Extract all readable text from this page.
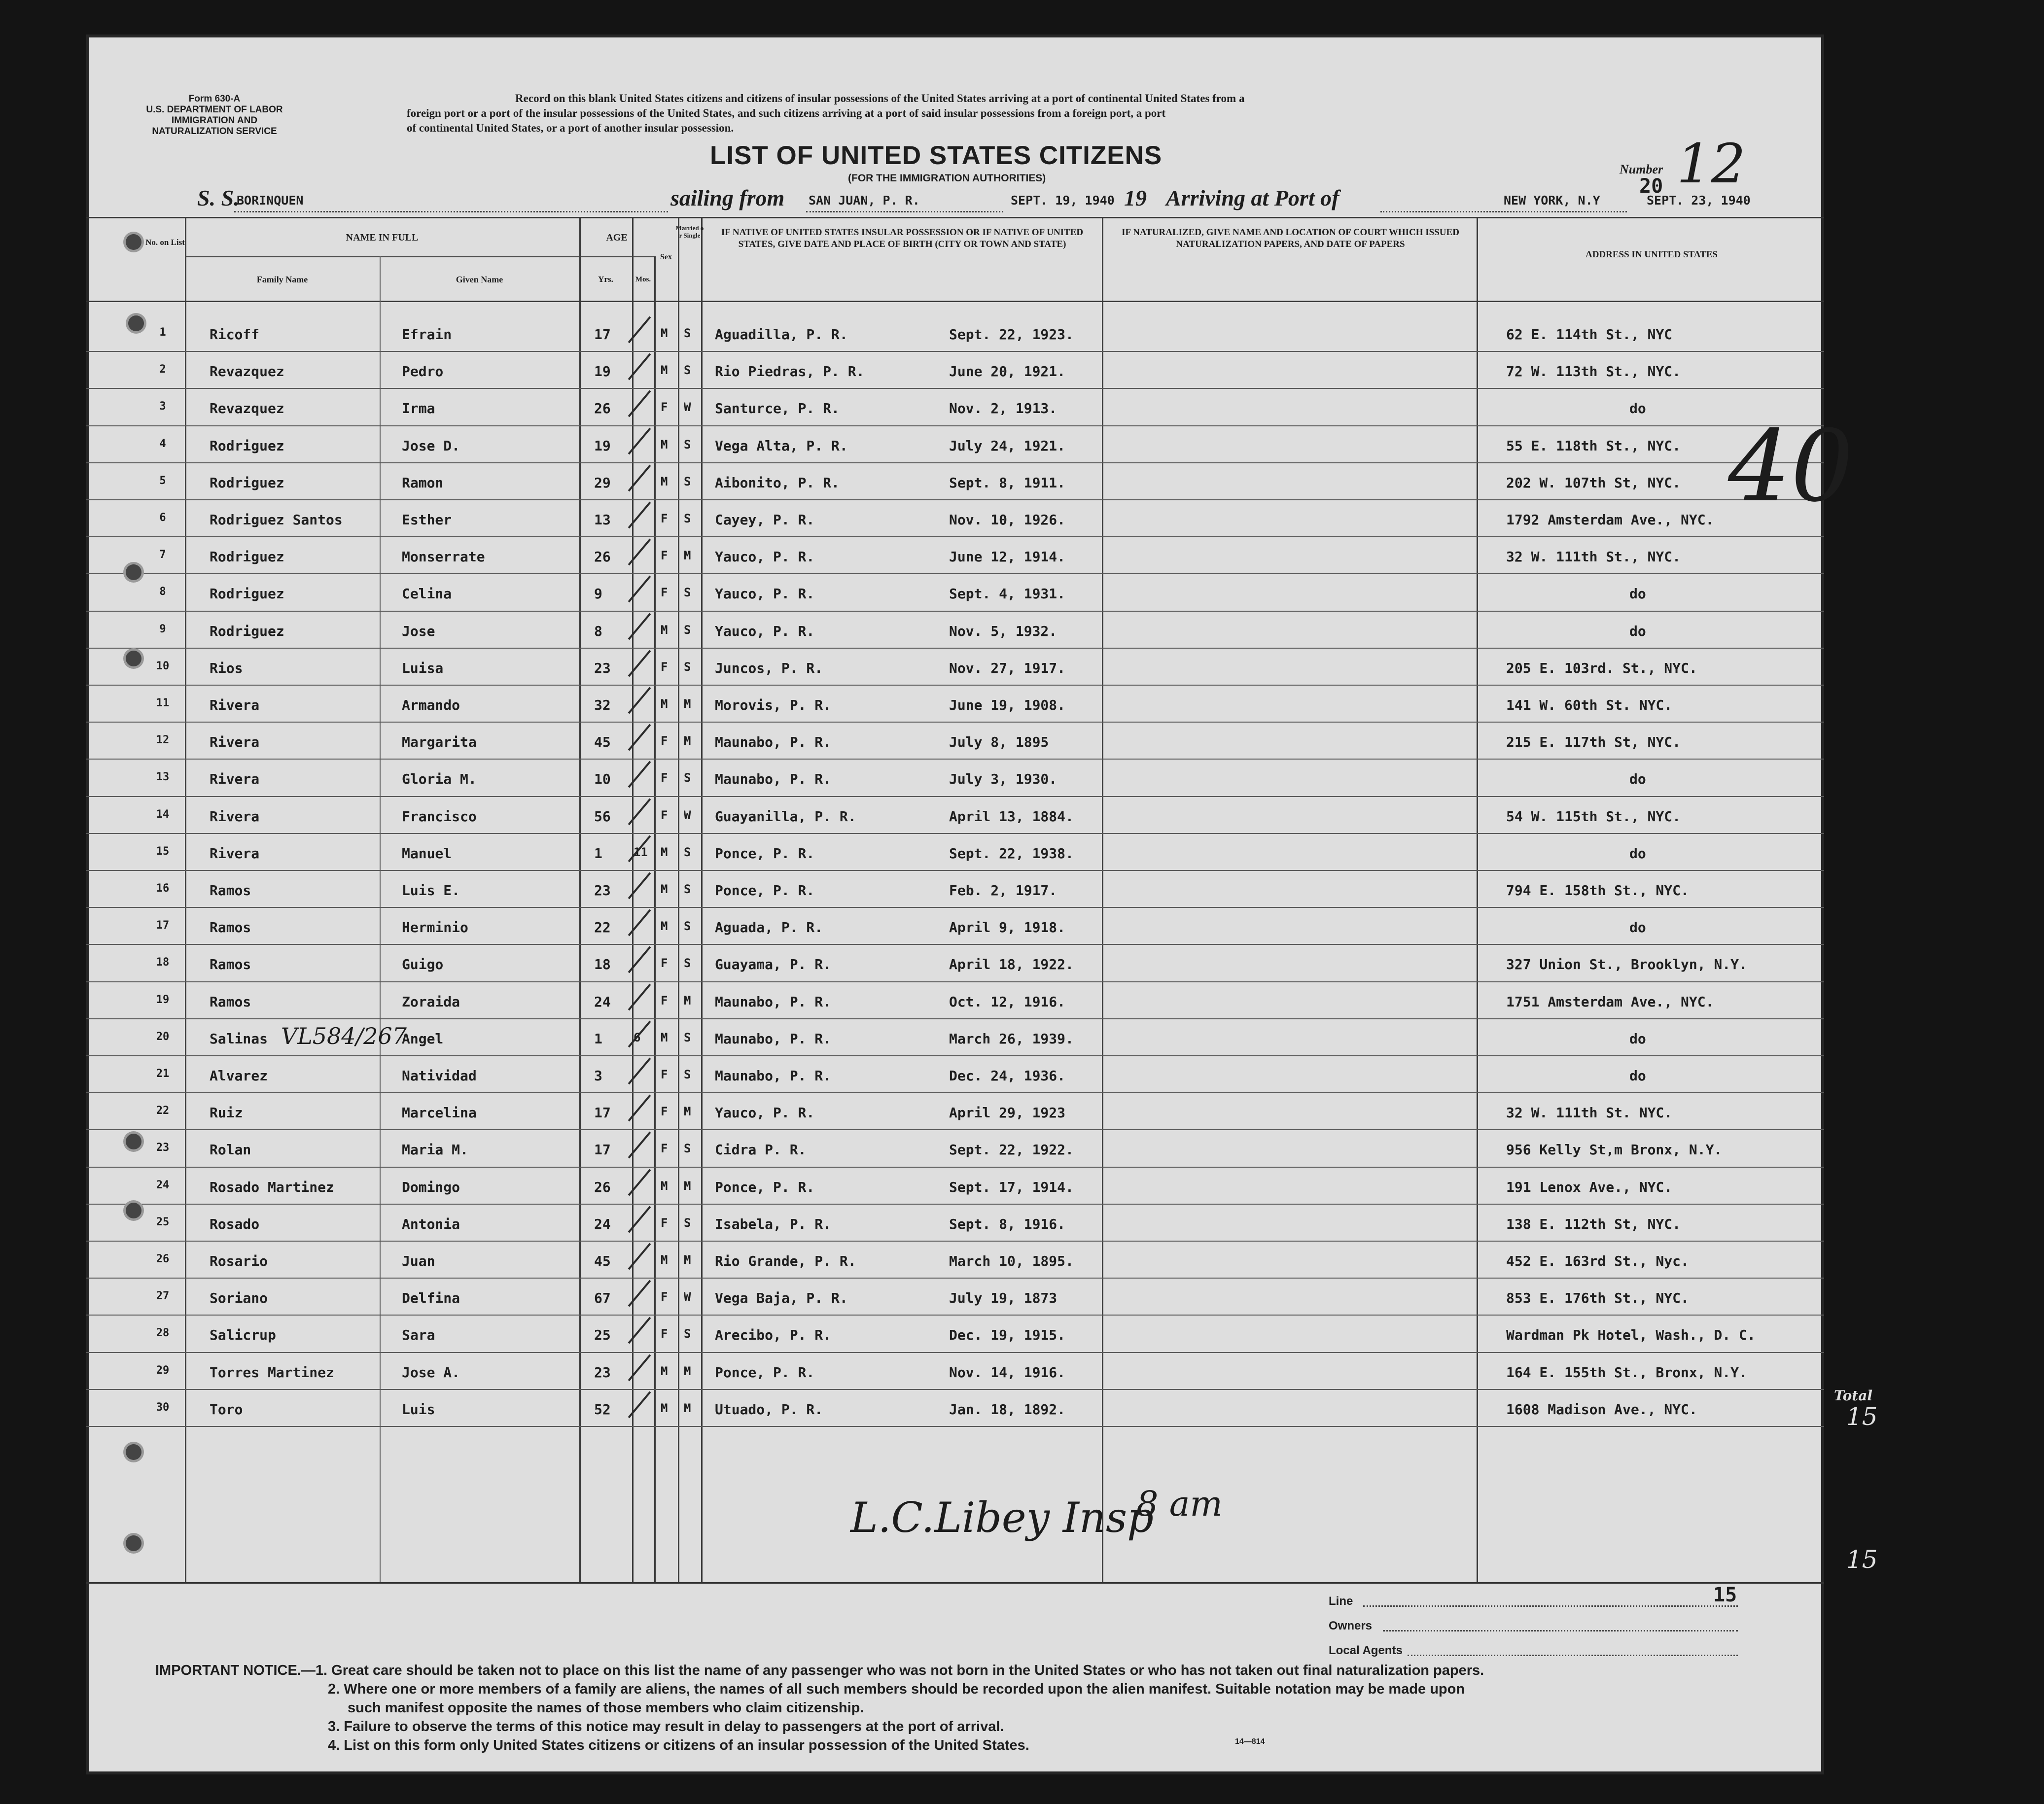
Form 630-A
U.S. DEPARTMENT OF LABOR
IMMIGRATION AND
NATURALIZATION SERVICE
Record on this blank United States citizens and citizens of insular possessions of the United States arriving at a port of continental United States from a
foreign port or a port of the insular possessions of the United States, and such citizens arriving at a port of said insular possessions from a foreign port, a port
of continental United States, or a port of another insular possession.
Number 12
LIST OF UNITED STATES CITIZENS
(FOR THE IMMIGRATION AUTHORITIES)	20
S. S.
BORINQUEN	sailing from SAN JUAN, P. R.	SEPT. 19, 1940 19 Arriving at Port of	NEW YORK, N.Y	SEPT. 23, 1940
No. on List	NAME IN FULL
Family Name	Given Name
AGE
Yrs.	Mos.
Sex
Married or Single	IF NATIVE OF UNITED STATES INSULAR POSSESSION OR IF NATIVE OF UNITED STATES, GIVE DATE AND PLACE OF BIRTH (CITY OR TOWN AND STATE)
IF NATURALIZED, GIVE NAME AND LOCATION OF COURT WHICH ISSUED NATURALIZATION PAPERS, AND DATE OF PAPERS
ADDRESS IN UNITED STATES
1	Ricoff	Efrain	17	M S Aguadilla, P. R.	Sept. 22, 1923.	62 E. 114th St., NYC
2	Revazquez	Pedro	19	M S Rio Piedras, P. R.	June 20, 1921.	72 W. 113th St., NYC.
3	Revazquez	Irma	26	F W Santurce, P. R.	Nov. 2, 1913.	do
4	Rodriguez	Jose D.	19	M S Vega Alta, P. R.	July 24, 1921.	55 E. 118th St., NYC.
5	Rodriguez	Ramon	29	M S Aibonito, P. R.	Sept. 8, 1911.	202 W. 107th St, NYC.
6	Rodriguez Santos	Esther	13	F S Cayey, P. R.	Nov. 10, 1926.	1792 Amsterdam Ave., NYC.
7	Rodriguez	Monserrate	26	F M Yauco, P. R.	June 12, 1914.	32 W. 111th St., NYC.
8	Rodriguez	Celina	9	F S Yauco, P. R.	Sept. 4, 1931.	do
9	Rodriguez	Jose	8	M S Yauco, P. R.	Nov. 5, 1932.	do
10	Rios	Luisa	23	F S Juncos, P. R.	Nov. 27, 1917.	205 E. 103rd. St., NYC.
11	Rivera	Armando	32	M M Morovis, P. R.	June 19, 1908.	141 W. 60th St. NYC.
12	Rivera	Margarita	45	F M Maunabo, P. R.	July 8, 1895	215 E. 117th St, NYC.
13	Rivera	Gloria M.	10	F S Maunabo, P. R.	July 3, 1930.	do
14	Rivera	Francisco	56	F W Guayanilla, P. R.	April 13, 1884.	54 W. 115th St., NYC.
15	Rivera	Manuel	1	11 M S Ponce, P. R.	Sept. 22, 1938.	do
16	Ramos	Luis E.	23	M S Ponce, P. R.	Feb. 2, 1917.	794 E. 158th St., NYC.
17	Ramos	Herminio	22	M S Aguada, P. R.	April 9, 1918.	do
18	Ramos	Guigo	18	F S Guayama, P. R.	April 18, 1922.	327 Union St., Brooklyn, N.Y.
19	Ramos	Zoraida	24	F M Maunabo, P. R.	Oct. 12, 1916.	1751 Amsterdam Ave., NYC.
20	Salinas	Angel	1	6 M S Maunabo, P. R.	March 26, 1939.	do
21	Alvarez	Natividad	3	F S Maunabo, P. R.	Dec. 24, 1936.	do
22	Ruiz	Marcelina	17	F M Yauco, P. R.	April 29, 1923	32 W. 111th St. NYC.
23	Rolan	Maria M.	17	F S Cidra P. R.	Sept. 22, 1922.	956 Kelly St,m Bronx, N.Y.
24	Rosado Martinez	Domingo	26	M M Ponce, P. R.	Sept. 17, 1914.	191 Lenox Ave., NYC.
25	Rosado	Antonia	24	F S Isabela, P. R.	Sept. 8, 1916.	138 E. 112th St, NYC.
26	Rosario	Juan	45	M M Rio Grande, P. R.	March 10, 1895.	452 E. 163rd St., Nyc.
27	Soriano	Delfina	67	F W Vega Baja, P. R.	July 19, 1873	853 E. 176th St., NYC.
28	Salicrup	Sara	25	F S Arecibo, P. R.	Dec. 19, 1915.	Wardman Pk Hotel, Wash., D. C.
29	Torres Martinez	Jose A.	23	M M Ponce, P. R.	Nov. 14, 1916.	164 E. 155th St., Bronx, N.Y.
30	Toro	Luis	52	M M Utuado, P. R.	Jan. 18, 1892.	1608 Madison Ave., NYC.
VL584/267
L.C.Libey Insp
8 am
40
Total
15
15
Line	15
Owners
Local Agents
IMPORTANT NOTICE.—1. Great care should be taken not to place on this list the name of any passenger who was not born in the United States or who has not taken out final naturalization papers.
2. Where one or more members of a family are aliens, the names of all such members should be recorded upon the alien manifest. Suitable notation may be made upon
such manifest opposite the names of those members who claim citizenship.
3. Failure to observe the terms of this notice may result in delay to passengers at the port of arrival.
4. List on this form only United States citizens or citizens of an insular possession of the United States.	14—814
